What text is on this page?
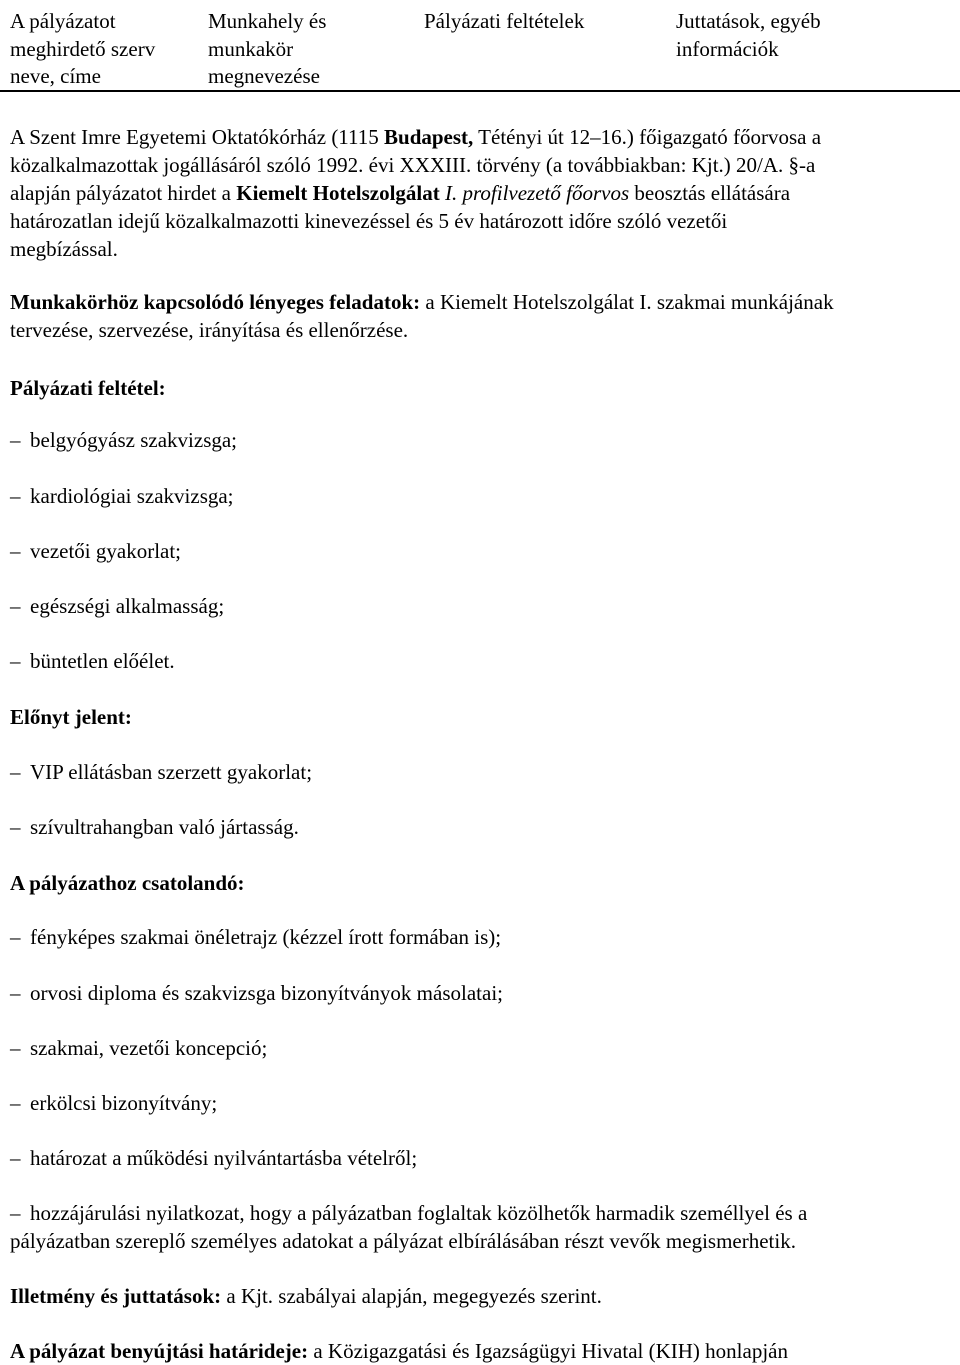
A pályázatot
meghirdető szerv
neve, címe
Munkahely és
munkakör
megnevezése
Pályázati feltételek	Juttatások, egyéb
információk
A Szent Imre Egyetemi Oktatókórház (1115 Budapest, Tétényi út 12–16.) főigazgató főorvosa a
közalkalmazottak jogállásáról szóló 1992. évi XXXIII. törvény (a továbbiakban: Kjt.) 20/A. §-a
alapján pályázatot hirdet a Kiemelt Hotelszolgálat I. profilvezető főorvos beosztás ellátására
határozatlan idejű közalkalmazotti kinevezéssel és 5 év határozott időre szóló vezetői
megbízással.
Munkakörhöz kapcsolódó lényeges feladatok: a Kiemelt Hotelszolgálat I. szakmai munkájának
tervezése, szervezése, irányítása és ellenőrzése.
Pályázati feltétel:
– belgyógyász szakvizsga;
– kardiológiai szakvizsga;
– vezetői gyakorlat;
– egészségi alkalmasság;
– büntetlen előélet.
Előnyt jelent:
– VIP ellátásban szerzett gyakorlat;
– szívultrahangban való jártasság.
A pályázathoz csatolandó:
– fényképes szakmai önéletrajz (kézzel írott formában is);
– orvosi diploma és szakvizsga bizonyítványok másolatai;
– szakmai, vezetői koncepció;
– erkölcsi bizonyítvány;
– határozat a működési nyilvántartásba vételről;
– hozzájárulási nyilatkozat, hogy a pályázatban foglaltak közölhetők harmadik személlyel és a
pályázatban szereplő személyes adatokat a pályázat elbírálásában részt vevők megismerhetik.
Illetmény és juttatások: a Kjt. szabályai alapján, megegyezés szerint.
A pályázat benyújtási határideje: a Közigazgatási és Igazságügyi Hivatal (KIH) honlapján
